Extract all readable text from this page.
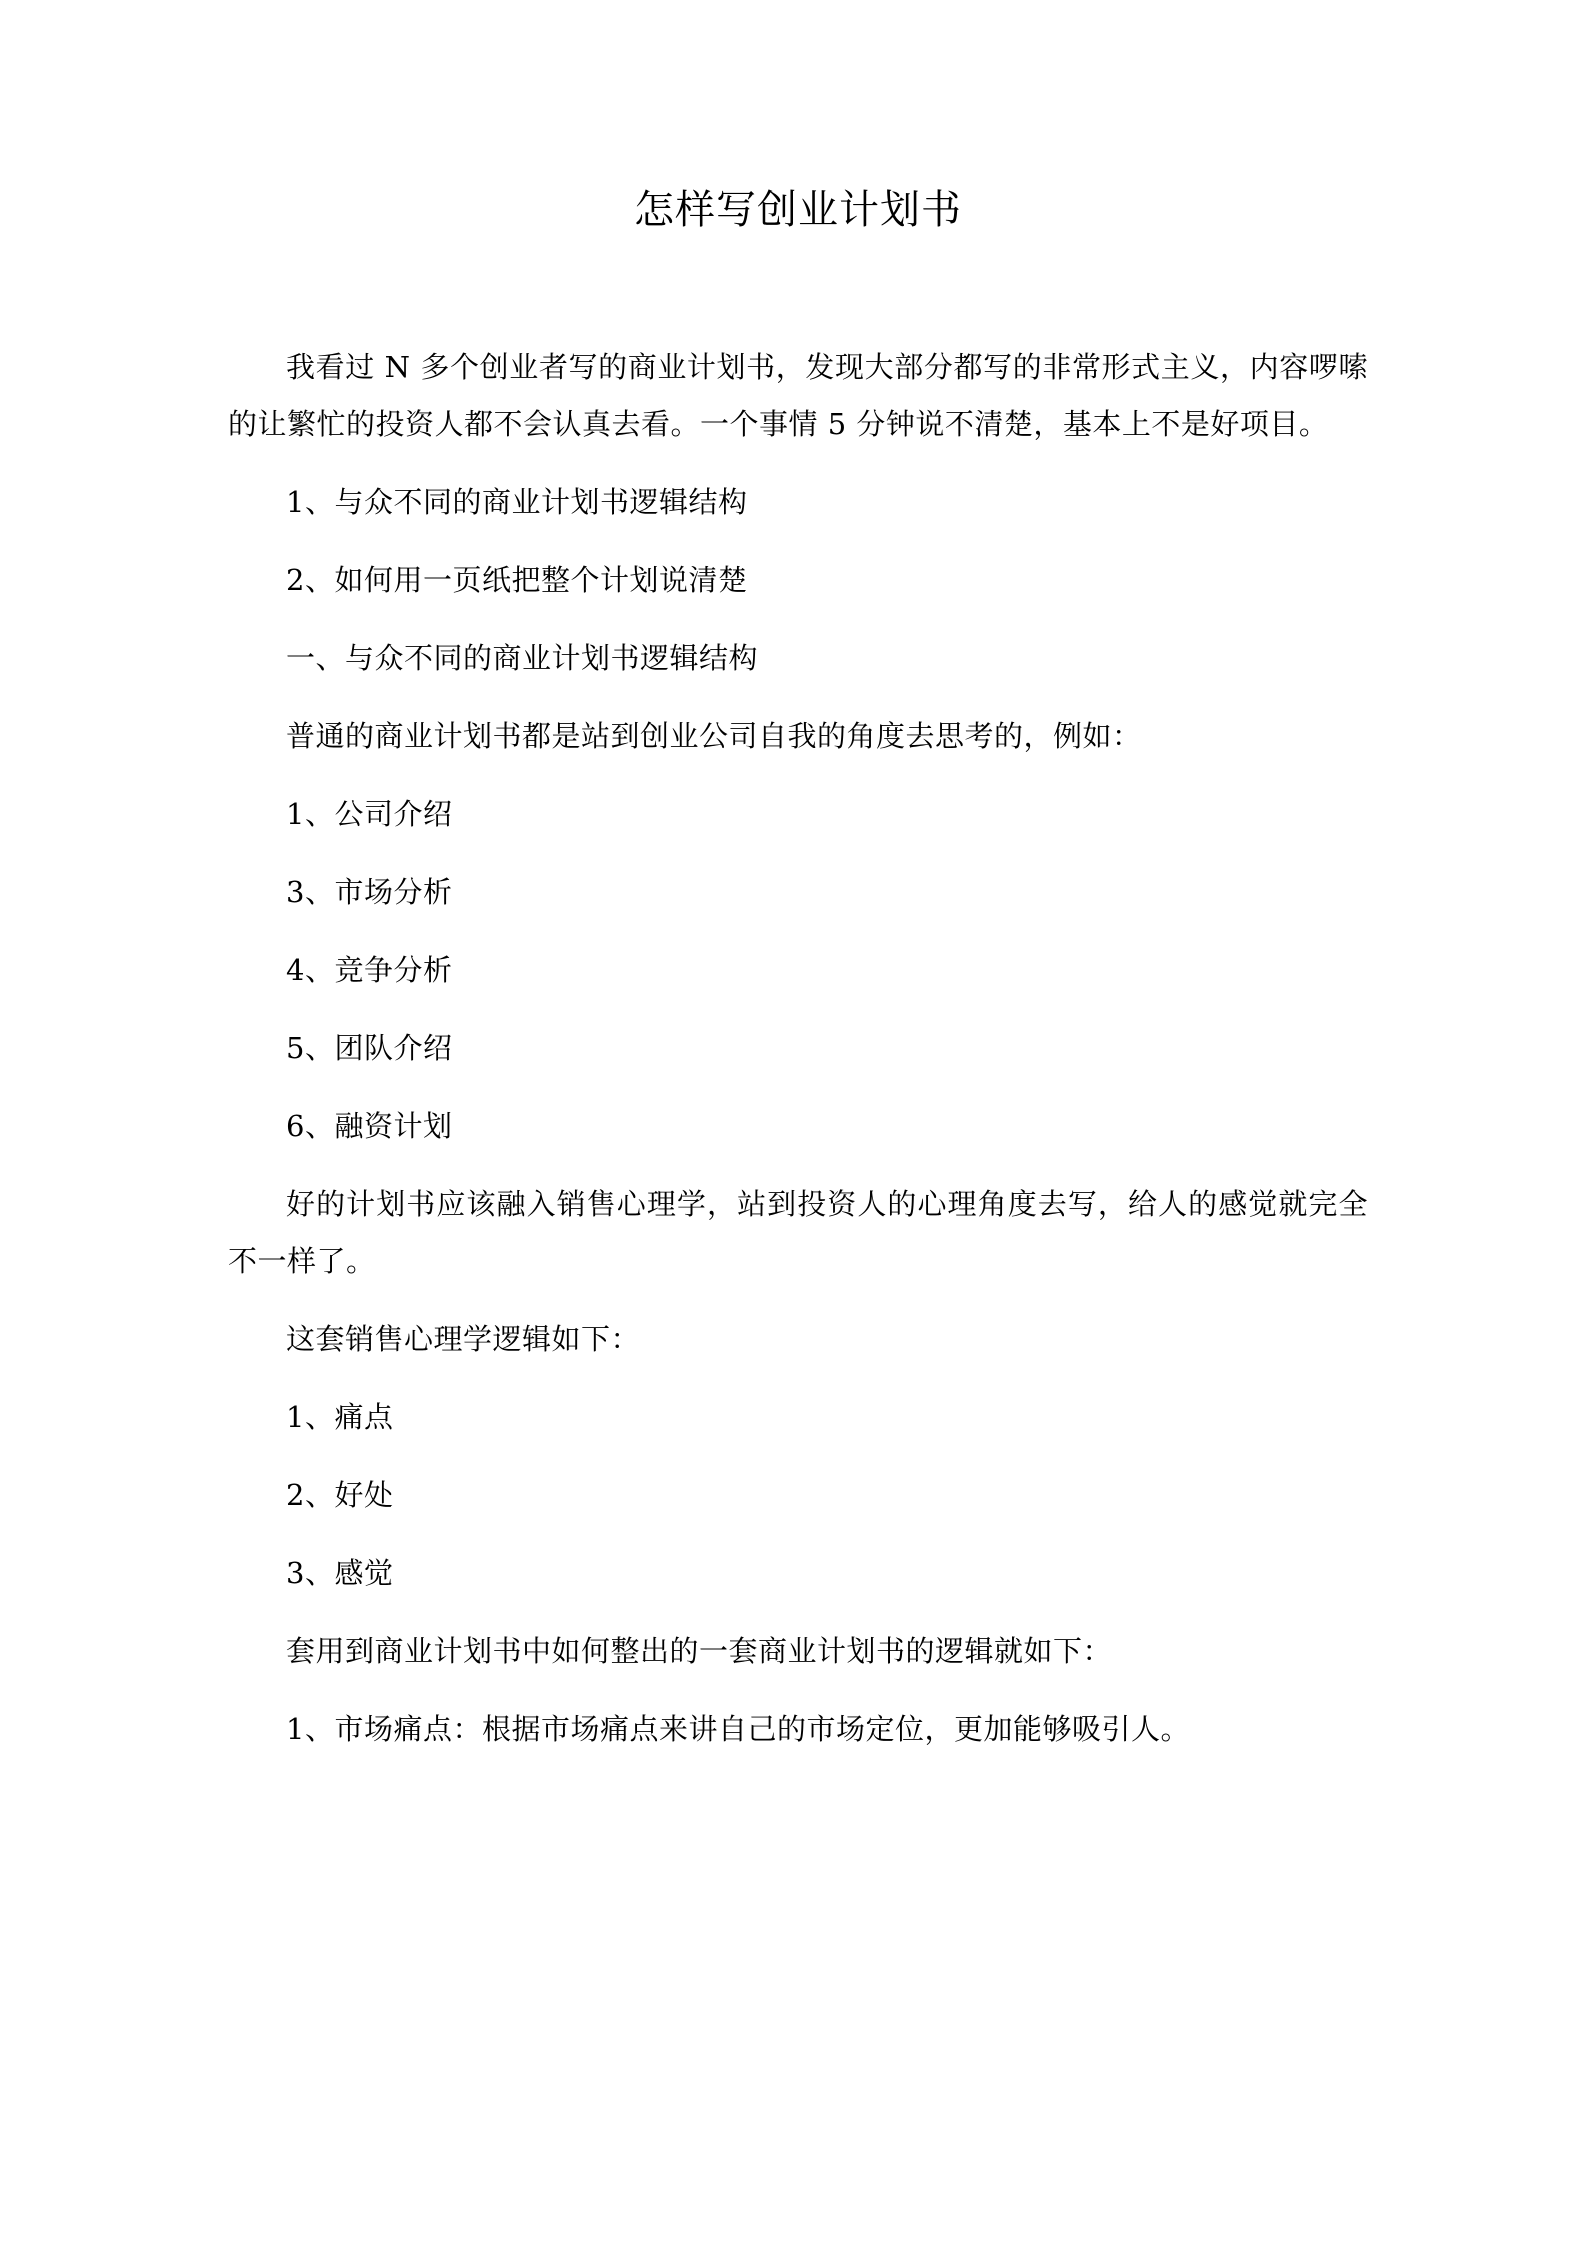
怎样写创业计划书

我看过 N 多个创业者写的商业计划书，发现大部分都写的非常形式主义，内容啰嗦的让繁忙的投资人都不会认真去看。一个事情 5 分钟说不清楚，基本上不是好项目。

1、与众不同的商业计划书逻辑结构

2、如何用一页纸把整个计划说清楚

一、与众不同的商业计划书逻辑结构

普通的商业计划书都是站到创业公司自我的角度去思考的，例如：

1、公司介绍

3、市场分析

4、竞争分析

5、团队介绍

6、融资计划

好的计划书应该融入销售心理学，站到投资人的心理角度去写，给人的感觉就完全不一样了。

这套销售心理学逻辑如下：

1、痛点

2、好处

3、感觉

套用到商业计划书中如何整出的一套商业计划书的逻辑就如下：

1、市场痛点：根据市场痛点来讲自己的市场定位，更加能够吸引人。
